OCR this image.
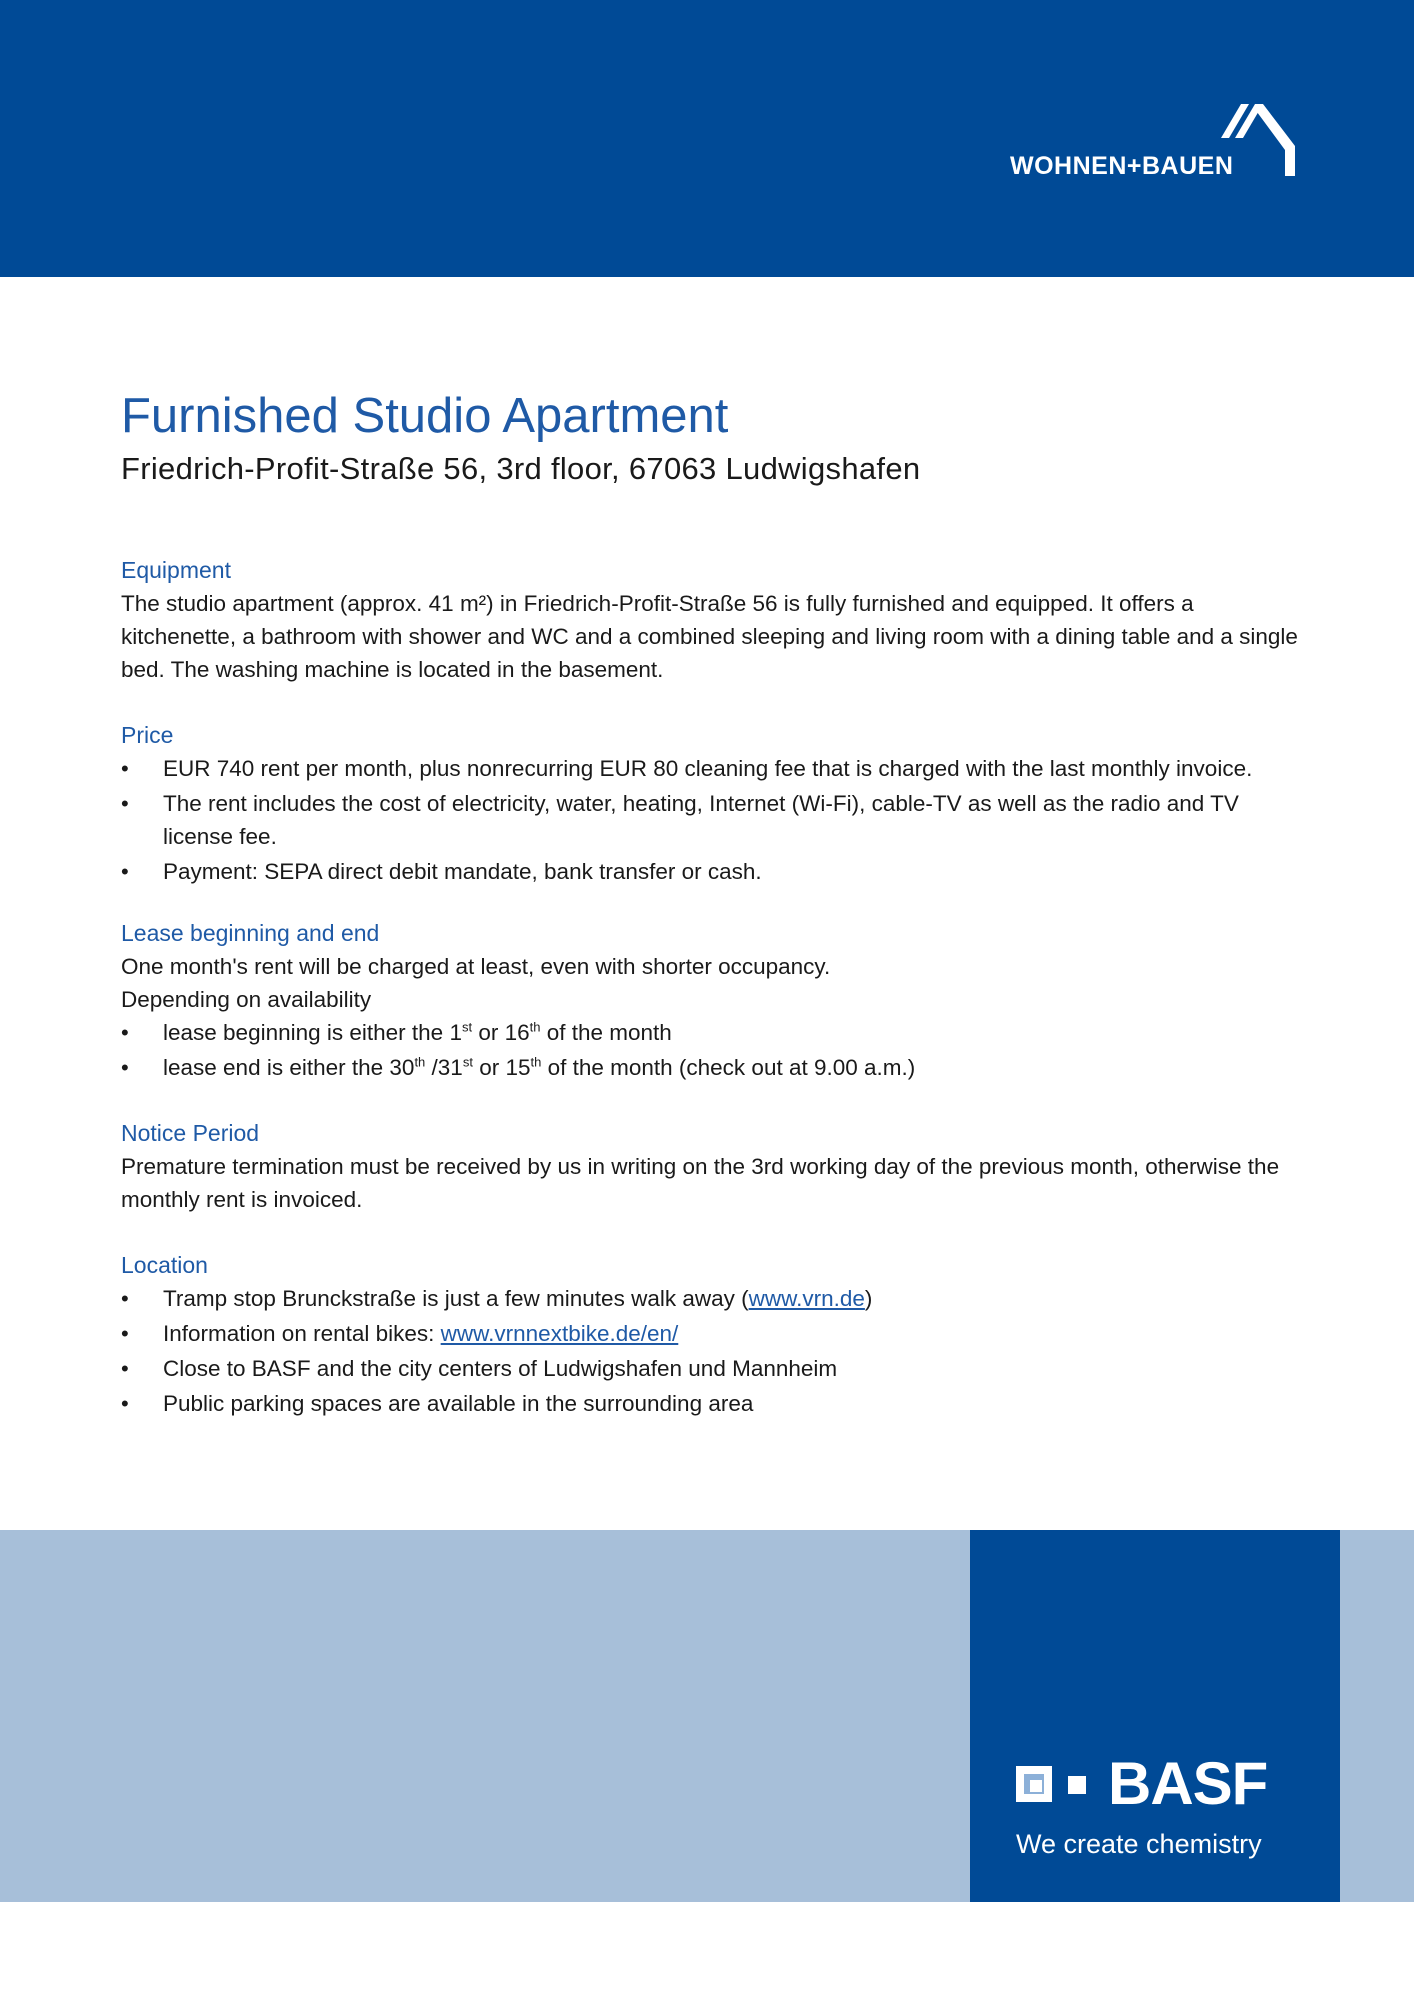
WOHNEN+BAUEN
Furnished Studio Apartment

Friedrich-Profit-Straße 56, 3rd floor, 67063 Ludwigshafen

Equipment

The studio apartment (approx. 41 m²) in Friedrich-Profit-Straße 56 is fully furnished and equipped. It offers a kitchenette, a bathroom with shower and WC and a combined sleeping and living room with a dining table and a single bed. The washing machine is located in the basement.

Price
• EUR 740 rent per month, plus nonrecurring EUR 80 cleaning fee that is charged with the last monthly invoice.
• The rent includes the cost of electricity, water, heating, Internet (Wi-Fi), cable-TV as well as the radio and TV license fee.
• Payment: SEPA direct debit mandate, bank transfer or cash.
Lease beginning and end

One month's rent will be charged at least, even with shorter occupancy.

Depending on availability

• lease beginning is either the 1st or 16th of the month
• lease end is either the 30th /31st or 15th of the month (check out at 9.00 a.m.)
Notice Period

Premature termination must be received by us in writing on the 3rd working day of the previous month, otherwise the monthly rent is invoiced.

Location
• Tramp stop Brunckstraße is just a few minutes walk away (www.vrn.de)
• Information on rental bikes: www.vrnnextbike.de/en/
• Close to BASF and the city centers of Ludwigshafen und Mannheim
• Public parking spaces are available in the surrounding area
BASF
We create chemistry
